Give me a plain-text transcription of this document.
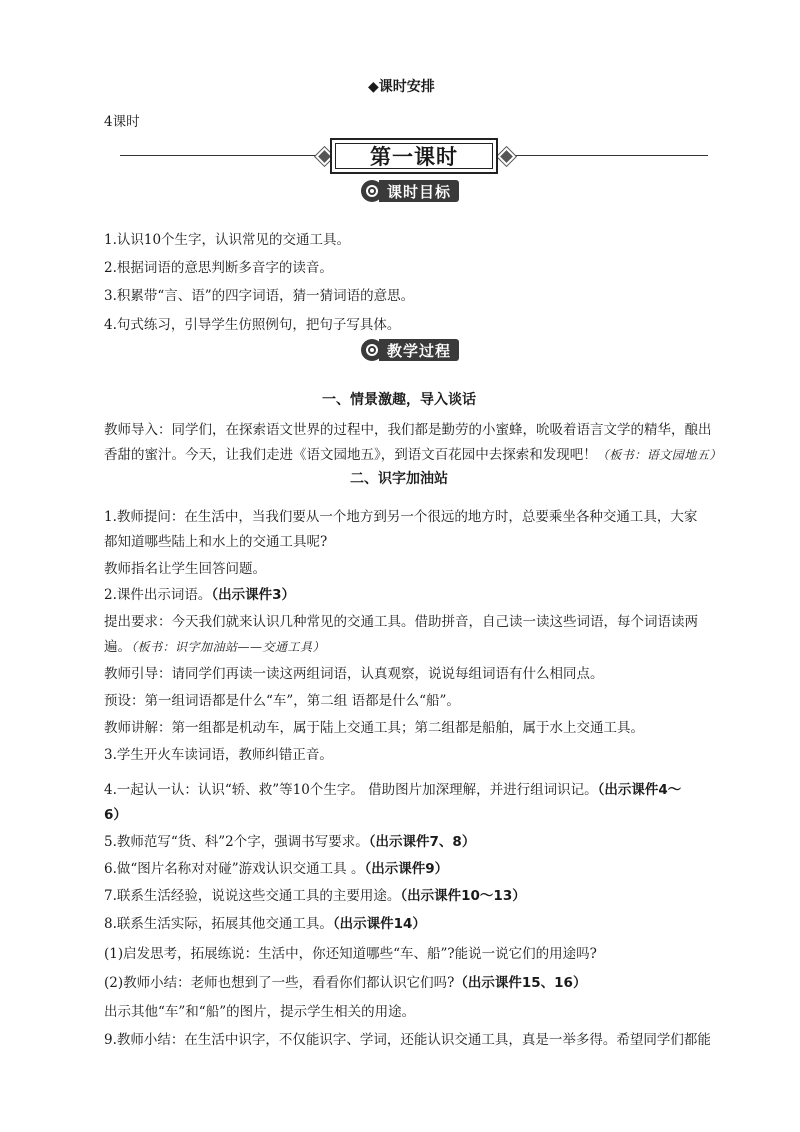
◆课时安排
4课时
第一课时
课时目标
1.认识10个生字，认识常见的交通工具。
2.根据词语的意思判断多音字的读音。
3.积累带“言、语”的四字词语，猜一猜词语的意思。
4.句式练习，引导学生仿照例句，把句子写具体。
教学过程
一、情景激趣，导入谈话
教师导入：同学们，在探索语文世界的过程中，我们都是勤劳的小蜜蜂，吮吸着语言文学的精华，酿出
香甜的蜜汁。今天，让我们走进《语文园地五》，到语文百花园中去探索和发现吧！（板书：语文园地五）
二、识字加油站
1.教师提问：在生活中，当我们要从一个地方到另一个很远的地方时，总要乘坐各种交通工具，大家
都知道哪些陆上和水上的交通工具呢?
教师指名让学生回答问题。
2.课件出示词语。（出示课件3）
提出要求：今天我们就来认识几种常见的交通工具。借助拼音，自己读一读这些词语，每个词语读两
遍。（板书：识字加油站——交通工具）
教师引导：请同学们再读一读这两组词语，认真观察，说说每组词语有什么相同点。
预设：第一组词语都是什么“车”，第二组 语都是什么“船”。
教师讲解：第一组都是机动车，属于陆上交通工具；第二组都是船舶，属于水上交通工具。
3.学生开火车读词语，教师纠错正音。
4.一起认一认：认识“轿、救”等10个生字。 借助图片加深理解，并进行组词识记。（出示课件4～
6）
5.教师范写“货、科”2个字，强调书写要求。（出示课件7、8）
6.做“图片名称对对碰”游戏认识交通工具 。（出示课件9）
7.联系生活经验，说说这些交通工具的主要用途。（出示课件10～13）
8.联系生活实际，拓展其他交通工具。（出示课件14）
(1)启发思考，拓展练说：生活中，你还知道哪些“车、船”?能说一说它们的用途吗?
(2)教师小结：老师也想到了一些，看看你们都认识它们吗?（出示课件15、16）
出示其他“车”和“船”的图片，提示学生相关的用途。
9.教师小结：在生活中识字，不仅能识字、学词，还能认识交通工具，真是一举多得。希望同学们都能
